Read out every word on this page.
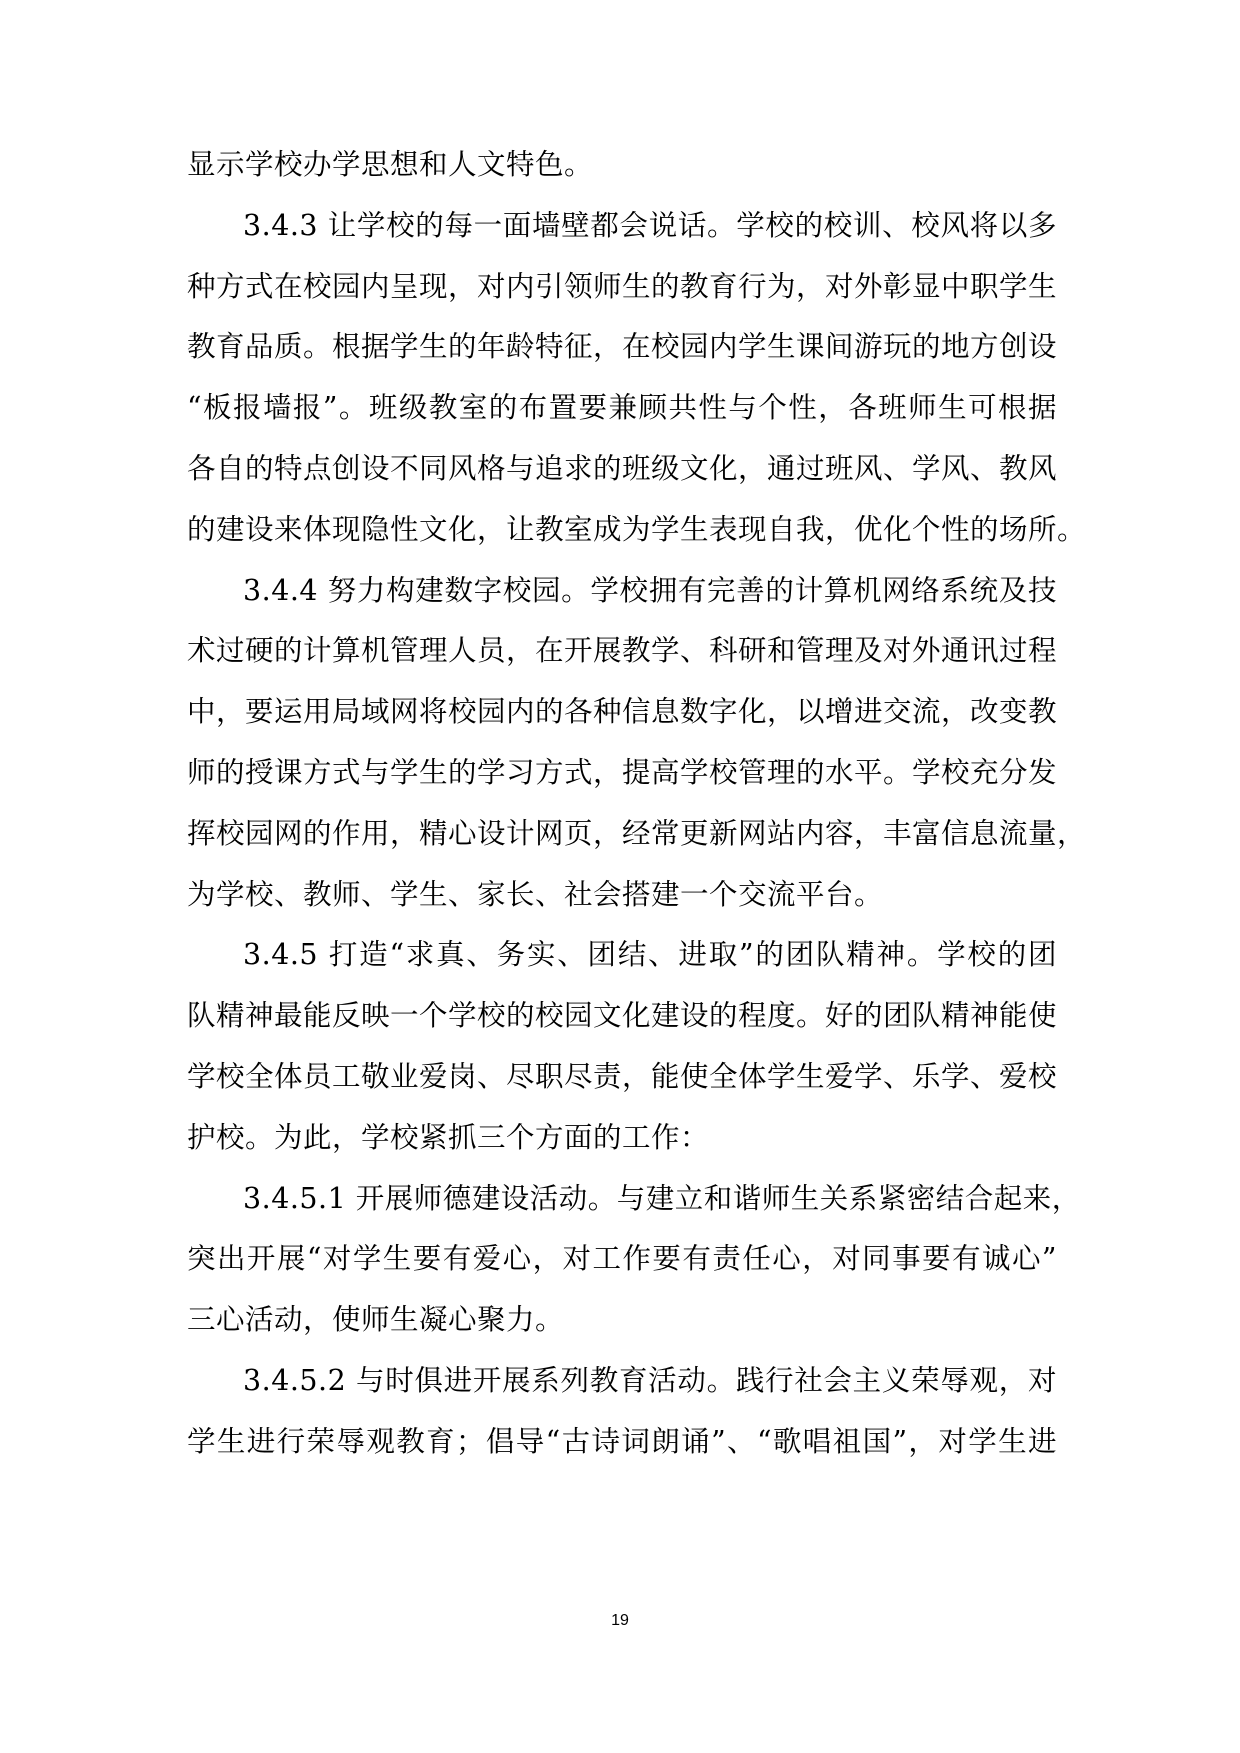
显示学校办学思想和人文特色。
3.4.3 让学校的每一面墙壁都会说话。学校的校训、校风将以多
种方式在校园内呈现，对内引领师生的教育行为，对外彰显中职学生
教育品质。根据学生的年龄特征，在校园内学生课间游玩的地方创设
“板报墙报”。班级教室的布置要兼顾共性与个性，各班师生可根据
各自的特点创设不同风格与追求的班级文化，通过班风、学风、教风
的建设来体现隐性文化，让教室成为学生表现自我，优化个性的场所。
3.4.4 努力构建数字校园。学校拥有完善的计算机网络系统及技
术过硬的计算机管理人员，在开展教学、科研和管理及对外通讯过程
中，要运用局域网将校园内的各种信息数字化，以增进交流，改变教
师的授课方式与学生的学习方式，提高学校管理的水平。学校充分发
挥校园网的作用，精心设计网页，经常更新网站内容，丰富信息流量，
为学校、教师、学生、家长、社会搭建一个交流平台。
3.4.5 打造“求真、务实、团结、进取”的团队精神。学校的团
队精神最能反映一个学校的校园文化建设的程度。好的团队精神能使
学校全体员工敬业爱岗、尽职尽责，能使全体学生爱学、乐学、爱校
护校。为此，学校紧抓三个方面的工作：
3.4.5.1 开展师德建设活动。与建立和谐师生关系紧密结合起来，
突出开展“对学生要有爱心，对工作要有责任心，对同事要有诚心”
三心活动，使师生凝心聚力。
3.4.5.2 与时俱进开展系列教育活动。践行社会主义荣辱观，对
学生进行荣辱观教育；倡导“古诗词朗诵”、“歌唱祖国”，对学生进
19
